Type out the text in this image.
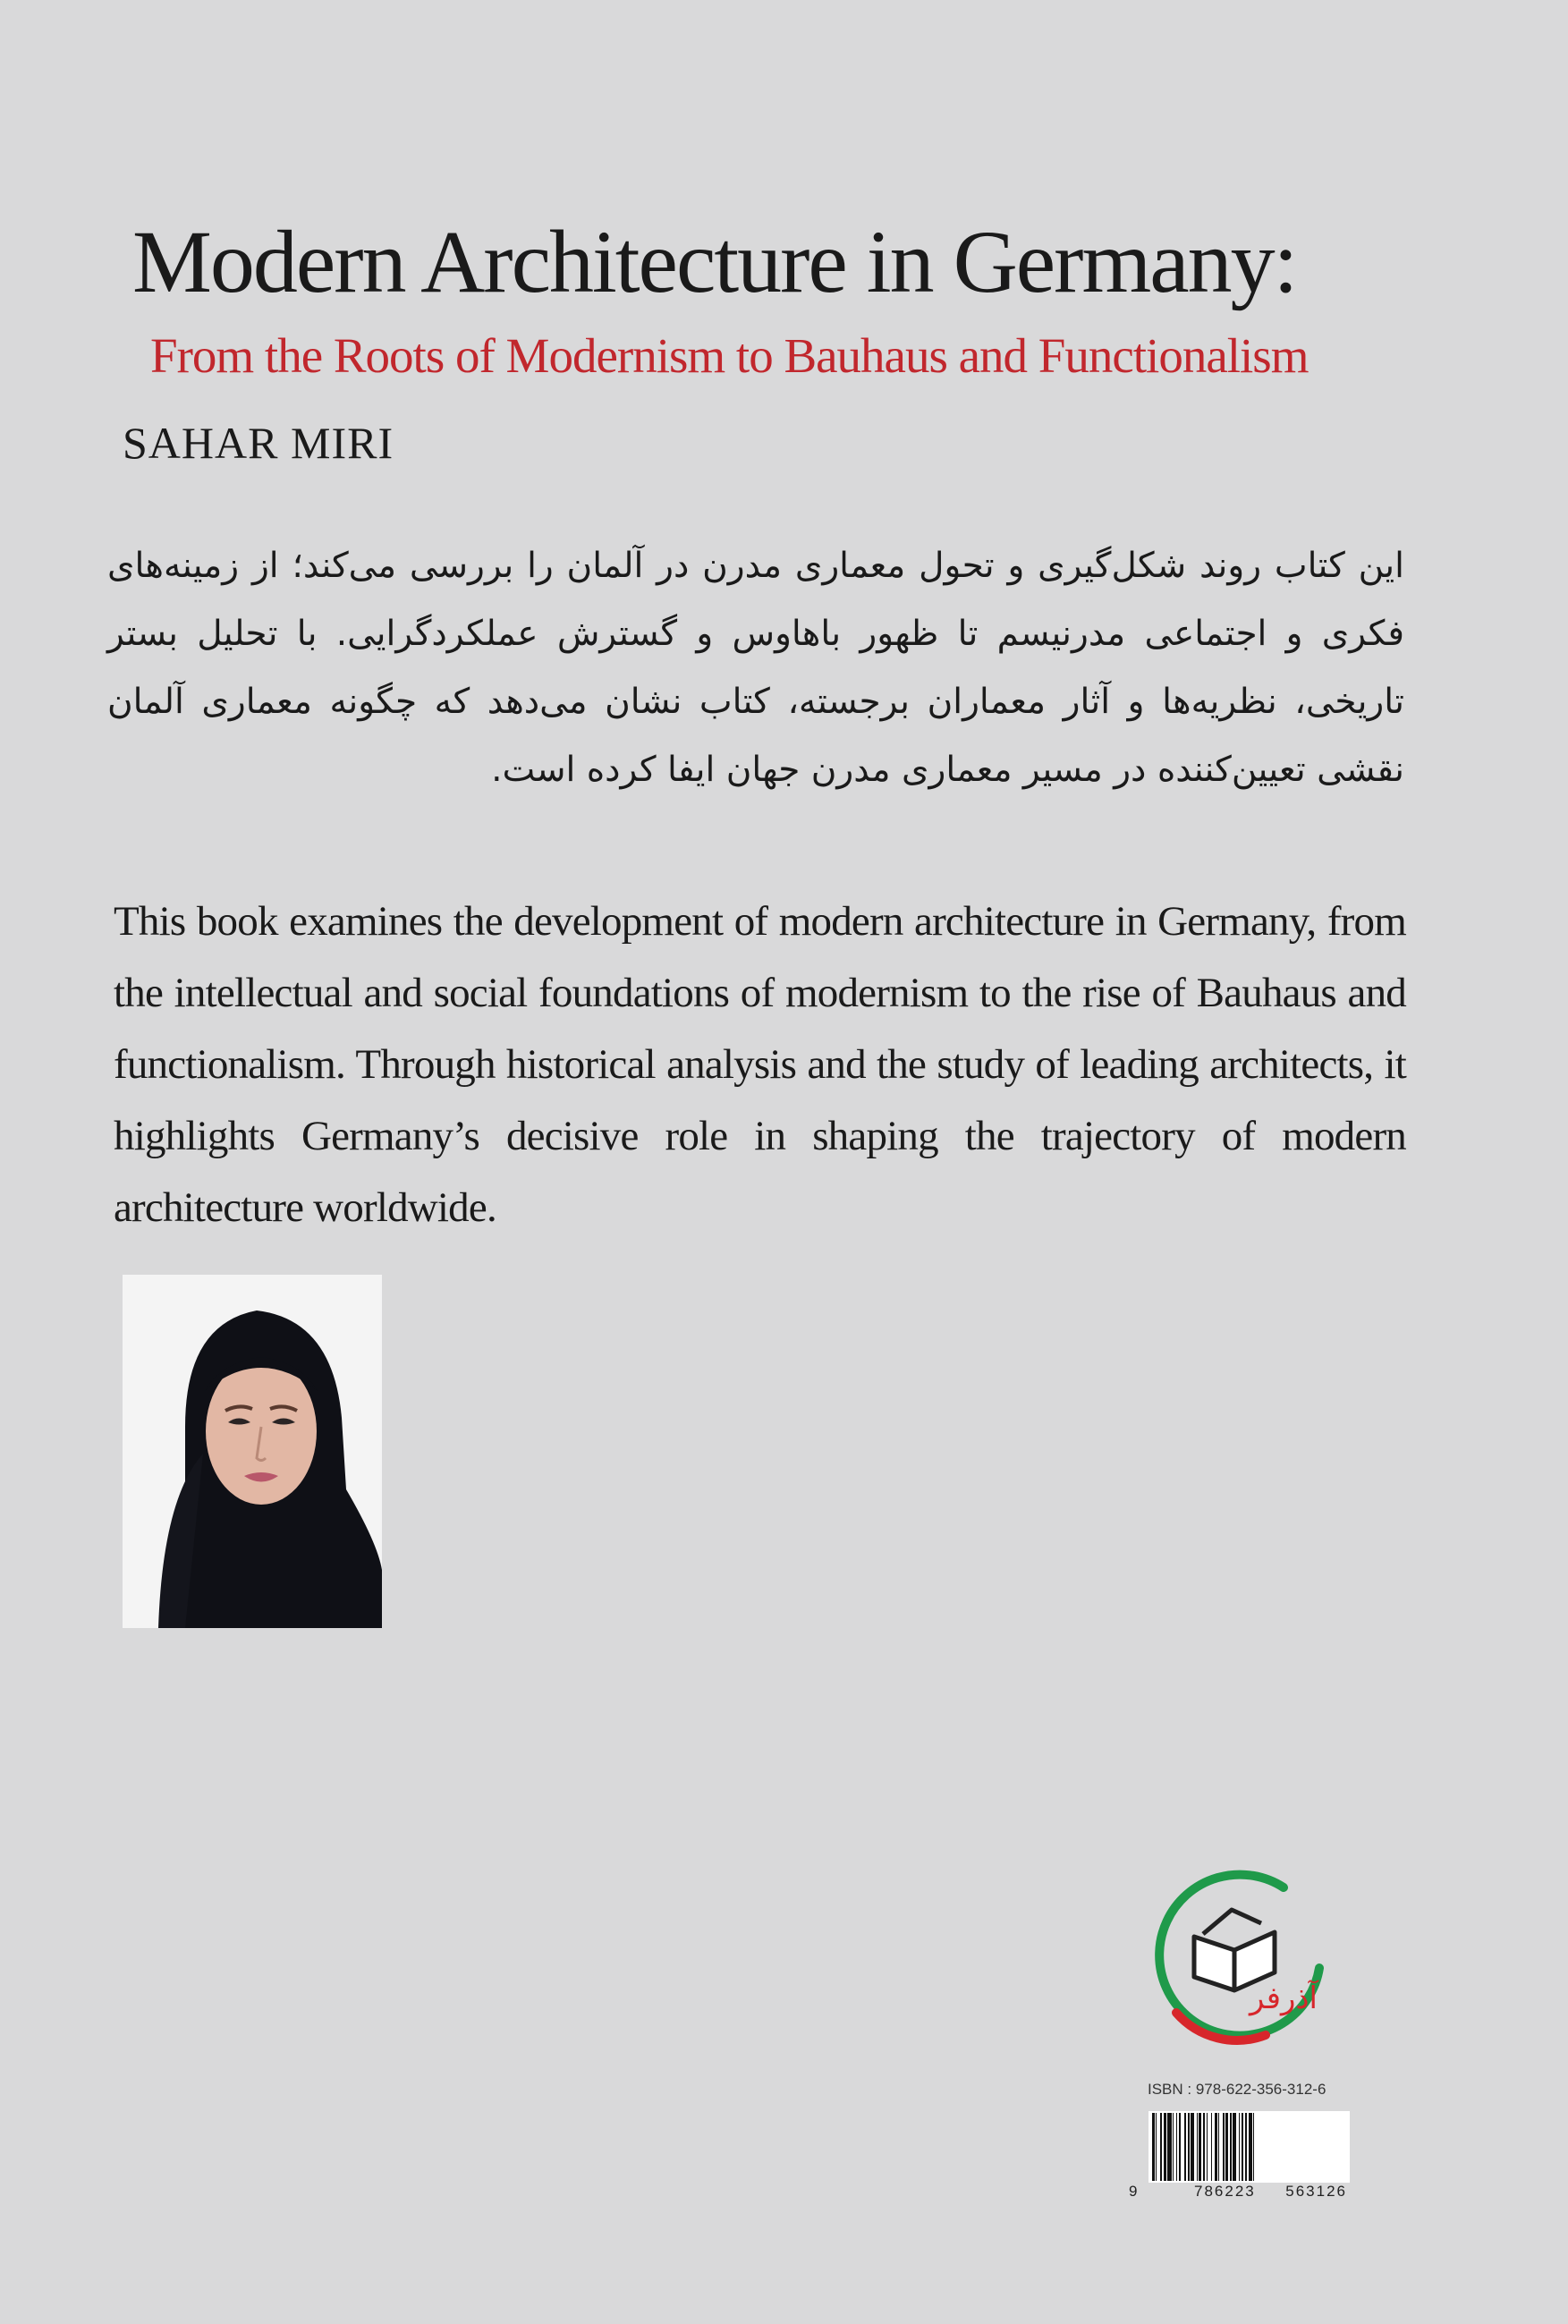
Modern Architecture in Germany:

From the Roots of Modernism to Bauhaus and Functionalism

SAHAR MIRI
این کتاب روند شکل‌گیری و تحول معماری مدرن در آلمان را بررسی می‌کند؛ از زمینه‌های فکری و اجتماعی مدرنیسم تا ظهور باهاوس و گسترش عملکردگرایی. با تحلیل بستر تاریخی، نظریه‌ها و آثار معماران برجسته، کتاب نشان می‌دهد که چگونه معماری آلمان نقشی تعیین‌کننده در مسیر معماری مدرن جهان ایفا کرده است.
This book examines the development of modern architecture in Germany, from the intellectual and social foundations of modernism to the rise of Bauhaus and functionalism. Through historical analysis and the study of leading architects, it highlights Germany’s decisive role in shaping the trajectory of modern architecture worldwide.
آذرفر
ISBN : 978-622-356-312-6
9	786223 563126
